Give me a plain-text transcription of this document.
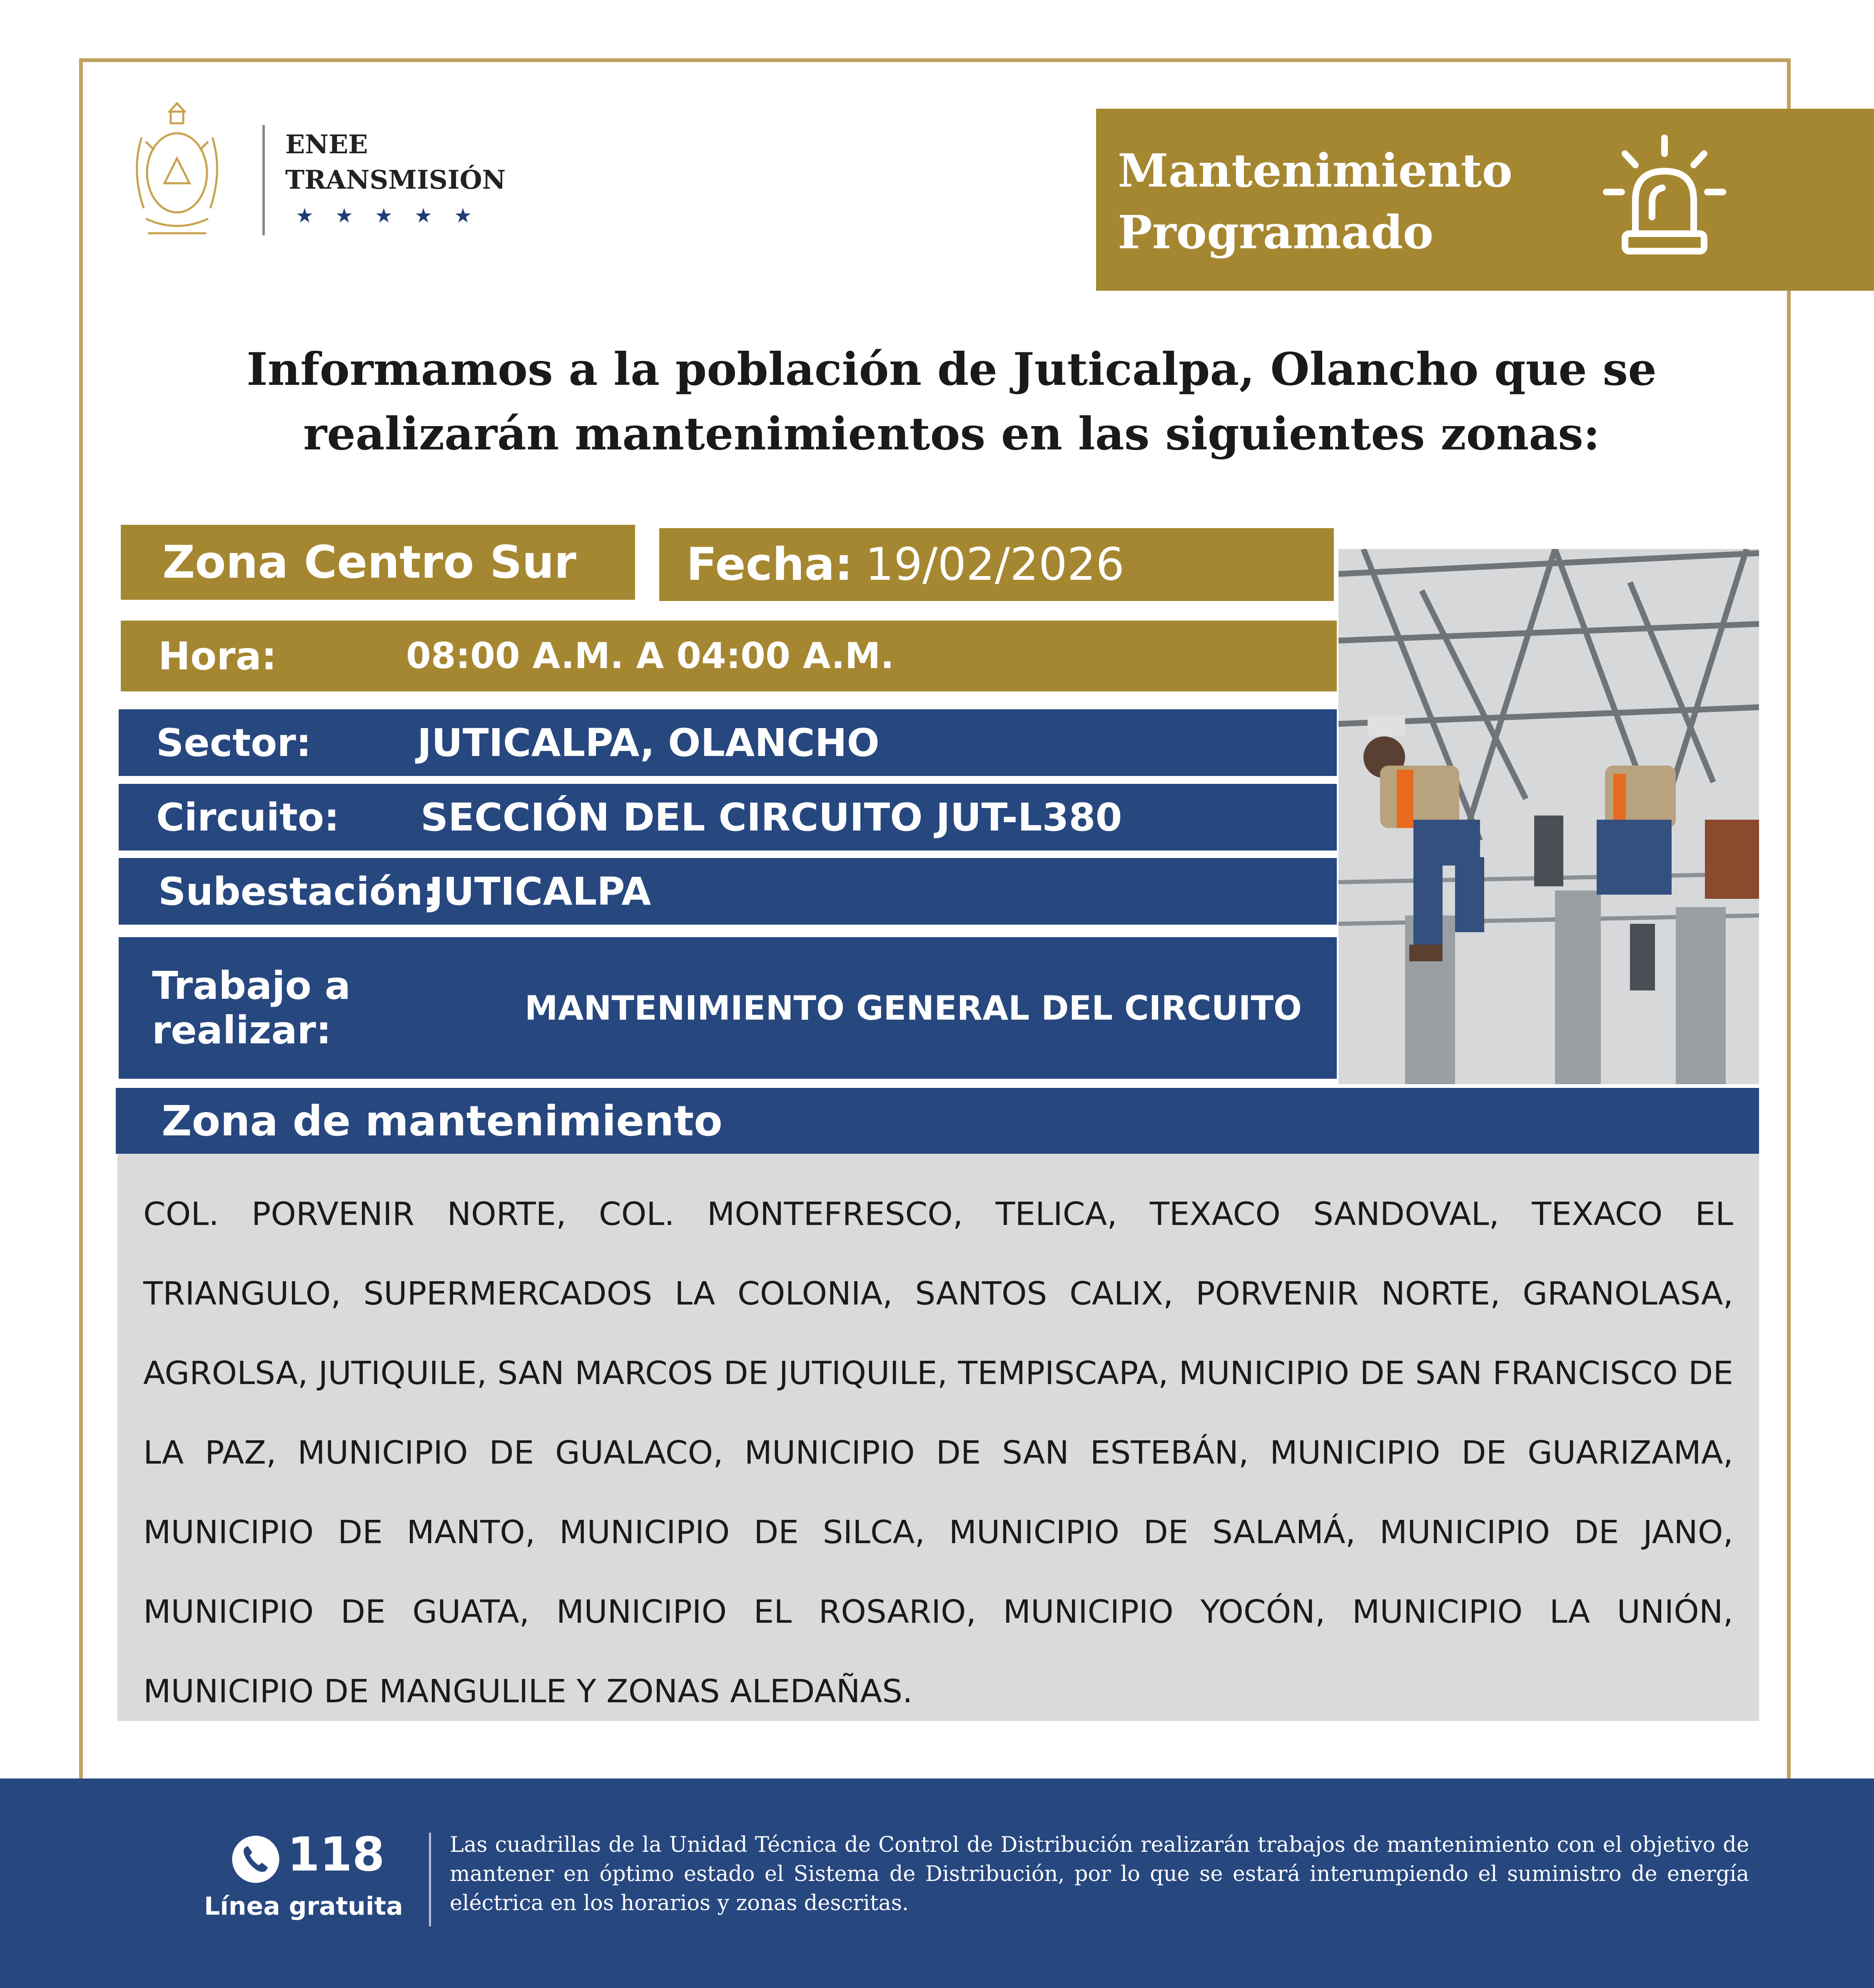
ENEE
TRANSMISIÓN
★★★★★
Mantenimiento
Programado
Informamos a la población de Juticalpa, Olancho que se
realizarán mantenimientos en las siguientes zonas:
Zona Centro Sur Fecha: 19/02/2026
Hora:	08:00 A.M. A 04:00 A.M.
Sector:	JUTICALPA, OLANCHO
Circuito:	SECCIÓN DEL CIRCUITO JUT-L380
Subestación:
JUTICALPA
Trabajo a realizar:	MANTENIMIENTO GENERAL DEL CIRCUITO
Zona de mantenimiento
COL. PORVENIR NORTE, COL. MONTEFRESCO, TELICA, TEXACO SANDOVAL, TEXACO EL TRIANGULO, SUPERMERCADOS LA COLONIA, SANTOS CALIX, PORVENIR NORTE, GRANOLASA, AGROLSA, JUTIQUILE, SAN MARCOS DE JUTIQUILE, TEMPISCAPA, MUNICIPIO DE SAN FRANCISCO DE LA PAZ, MUNICIPIO DE GUALACO, MUNICIPIO DE SAN ESTEBÁN, MUNICIPIO DE GUARIZAMA, MUNICIPIO DE MANTO, MUNICIPIO DE SILCA, MUNICIPIO DE SALAMÁ, MUNICIPIO DE JANO, MUNICIPIO DE GUATA, MUNICIPIO EL ROSARIO, MUNICIPIO YOCÓN, MUNICIPIO LA UNIÓN, MUNICIPIO DE MANGULILE Y ZONAS ALEDAÑAS.
118
Línea gratuita
Las cuadrillas de la Unidad Técnica de Control de Distribución realizarán trabajos de mantenimiento con el objetivo de mantener en óptimo estado el Sistema de Distribución, por lo que se estará interumpiendo el suministro de energía eléctrica en los horarios y zonas descritas.
